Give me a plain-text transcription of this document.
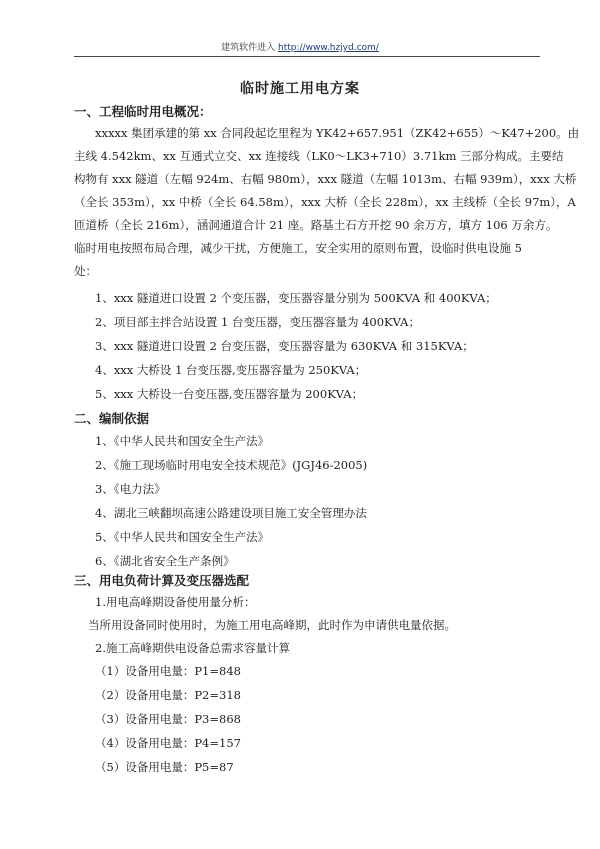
建筑软件进入 http://www.hzjyd.com/
临时施工用电方案
一、工程临时用电概况：
xxxxx 集团承建的第 xx 合同段起讫里程为 YK42+657.951（ZK42+655）～K47+200。由
主线 4.542km、xx 互通式立交、xx 连接线（LK0～LK3+710）3.71km 三部分构成。主要结
构物有 xxx 隧道（左幅 924m、右幅 980m），xxx 隧道（左幅 1013m、右幅 939m），xxx 大桥
（全长 353m），xx 中桥（全长 64.58m），xxx 大桥（全长 228m），xx 主线桥（全长 97m），A
匝道桥（全长 216m），涵洞通道合计 21 座。路基土石方开挖 90 余万方，填方 106 万余方。
临时用电按照布局合理，减少干扰，方便施工，安全实用的原则布置，设临时供电设施 5
处：
1、xxx 隧道进口设置 2 个变压器，变压器容量分别为 500KVA 和 400KVA；
2、项目部主拌合站设置 1 台变压器，变压器容量为 400KVA；
3、xxx 隧道进口设置 2 台变压器，变压器容量为 630KVA 和 315KVA；
4、xxx 大桥设 1 台变压器,变压器容量为 250KVA；
5、xxx 大桥设一台变压器,变压器容量为 200KVA；
二、编制依据
1、《中华人民共和国安全生产法》
2、《施工现场临时用电安全技术规范》(JGJ46-2005)
3、《电力法》
4、湖北三峡翻坝高速公路建设项目施工安全管理办法
5、《中华人民共和国安全生产法》
6、《湖北省安全生产条例》
三、用电负荷计算及变压器选配
1.用电高峰期设备使用量分析：
当所用设备同时使用时，为施工用电高峰期，此时作为申请供电量依据。
2.施工高峰期供电设备总需求容量计算
（1）设备用电量：P1=848
（2）设备用电量：P2=318
（3）设备用电量：P3=868
（4）设备用电量：P4=157
（5）设备用电量：P5=87
